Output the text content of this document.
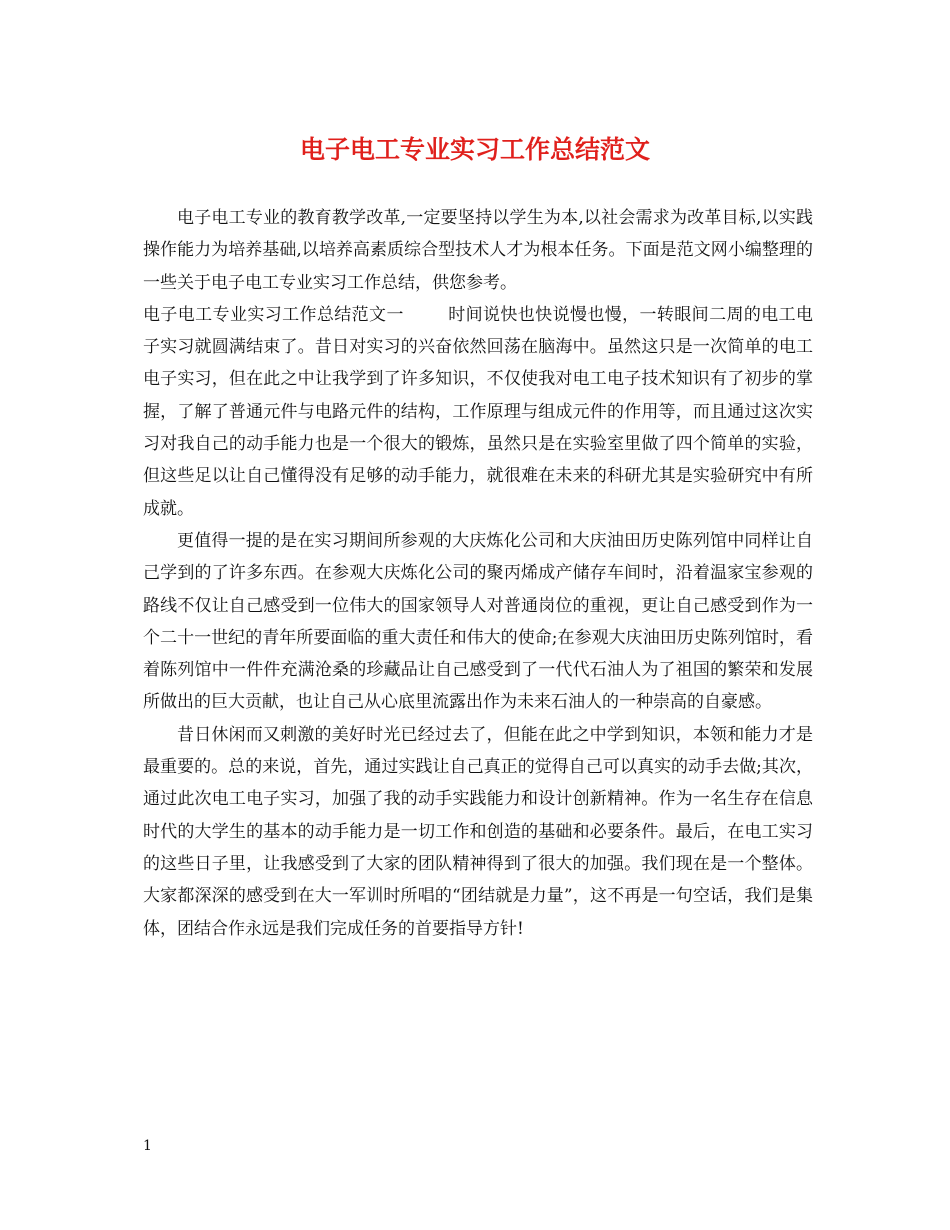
电子电工专业实习工作总结范文

电子电工专业的教育教学改革,一定要坚持以学生为本,以社会需求为改革目标,以实践操作能力为培养基础,以培养高素质综合型技术人才为根本任务。下面是范文网小编整理的一些关于电子电工专业实习工作总结，供您参考。

电子电工专业实习工作总结范文一	时间说快也快说慢也慢，一转眼间二周的电工电子实习就圆满结束了。昔日对实习的兴奋依然回荡在脑海中。虽然这只是一次简单的电工电子实习，但在此之中让我学到了许多知识，不仅使我对电工电子技术知识有了初步的掌握，了解了普通元件与电路元件的结构，工作原理与组成元件的作用等，而且通过这次实习对我自己的动手能力也是一个很大的锻炼，虽然只是在实验室里做了四个简单的实验，但这些足以让自己懂得没有足够的动手能力，就很难在未来的科研尤其是实验研究中有所成就。

更值得一提的是在实习期间所参观的大庆炼化公司和大庆油田历史陈列馆中同样让自己学到的了许多东西。在参观大庆炼化公司的聚丙烯成产储存车间时，沿着温家宝参观的路线不仅让自己感受到一位伟大的国家领导人对普通岗位的重视，更让自己感受到作为一个二十一世纪的青年所要面临的重大责任和伟大的使命;在参观大庆油田历史陈列馆时，看着陈列馆中一件件充满沧桑的珍藏品让自己感受到了一代代石油人为了祖国的繁荣和发展所做出的巨大贡献，也让自己从心底里流露出作为未来石油人的一种崇高的自豪感。

昔日休闲而又刺激的美好时光已经过去了，但能在此之中学到知识，本领和能力才是最重要的。总的来说，首先，通过实践让自己真正的觉得自己可以真实的动手去做;其次，通过此次电工电子实习，加强了我的动手实践能力和设计创新精神。作为一名生存在信息时代的大学生的基本的动手能力是一切工作和创造的基础和必要条件。最后，在电工实习的这些日子里，让我感受到了大家的团队精神得到了很大的加强。我们现在是一个整体。大家都深深的感受到在大一军训时所唱的“团结就是力量”，这不再是一句空话，我们是集体，团结合作永远是我们完成任务的首要指导方针!

1
